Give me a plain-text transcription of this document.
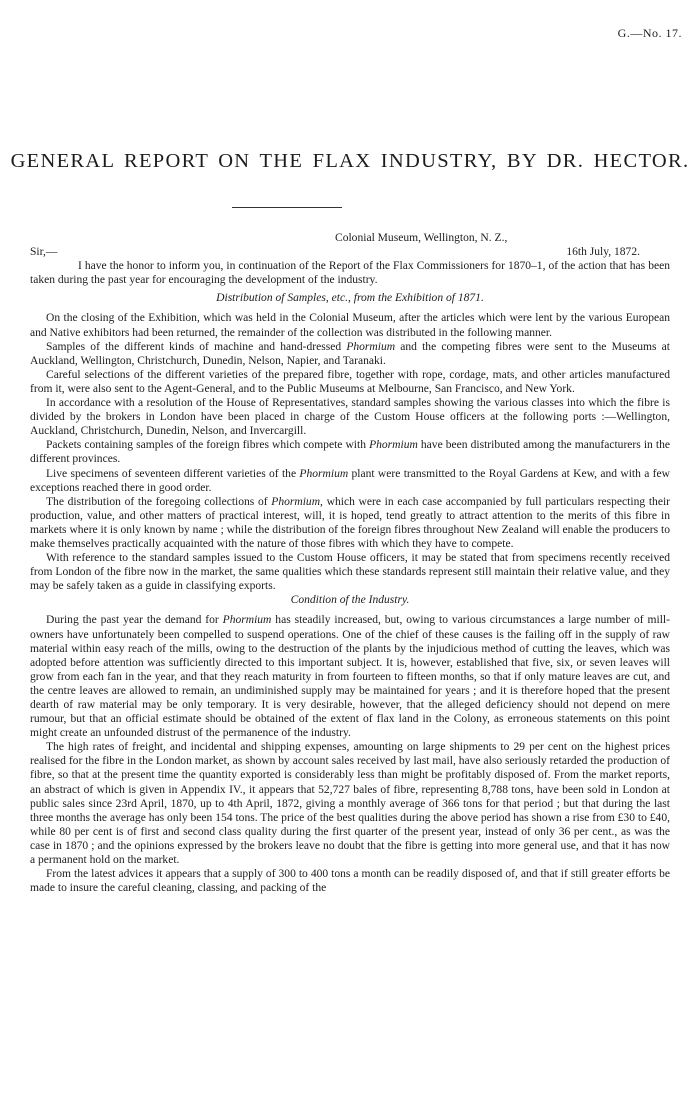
G.—No. 17.
GENERAL REPORT ON THE FLAX INDUSTRY, BY DR. HECTOR.
Colonial Museum, Wellington, N. Z.,
Sir,—	16th July, 1872.

I have the honor to inform you, in continuation of the Report of the Flax Commissioners for 1870–1, of the action that has been taken during the past year for encouraging the development of the industry.

Distribution of Samples, etc., from the Exhibition of 1871.

On the closing of the Exhibition, which was held in the Colonial Museum, after the articles which were lent by the various European and Native exhibitors had been returned, the remainder of the collection was distributed in the following manner.

Samples of the different kinds of machine and hand-dressed Phormium and the competing fibres were sent to the Museums at Auckland, Wellington, Christchurch, Dunedin, Nelson, Napier, and Taranaki.

Careful selections of the different varieties of the prepared fibre, together with rope, cordage, mats, and other articles manufactured from it, were also sent to the Agent-General, and to the Public Museums at Melbourne, San Francisco, and New York.

In accordance with a resolution of the House of Representatives, standard samples showing the various classes into which the fibre is divided by the brokers in London have been placed in charge of the Custom House officers at the following ports :—Wellington, Auckland, Christchurch, Dunedin, Nelson, and Invercargill.

Packets containing samples of the foreign fibres which compete with Phormium have been distributed among the manufacturers in the different provinces.

Live specimens of seventeen different varieties of the Phormium plant were transmitted to the Royal Gardens at Kew, and with a few exceptions reached there in good order.

The distribution of the foregoing collections of Phormium, which were in each case accompanied by full particulars respecting their production, value, and other matters of practical interest, will, it is hoped, tend greatly to attract attention to the merits of this fibre in markets where it is only known by name ; while the distribution of the foreign fibres throughout New Zealand will enable the producers to make themselves practically acquainted with the nature of those fibres with which they have to compete.

With reference to the standard samples issued to the Custom House officers, it may be stated that from specimens recently received from London of the fibre now in the market, the same qualities which these standards represent still maintain their relative value, and they may be safely taken as a guide in classifying exports.

Condition of the Industry.

During the past year the demand for Phormium has steadily increased, but, owing to various circumstances a large number of mill-owners have unfortunately been compelled to suspend operations. One of the chief of these causes is the failing off in the supply of raw material within easy reach of the mills, owing to the destruction of the plants by the injudicious method of cutting the leaves, which was adopted before attention was sufficiently directed to this important subject. It is, however, established that five, six, or seven leaves will grow from each fan in the year, and that they reach maturity in from fourteen to fifteen months, so that if only mature leaves are cut, and the centre leaves are allowed to remain, an undiminished supply may be maintained for years ; and it is therefore hoped that the present dearth of raw material may be only temporary. It is very desirable, however, that the alleged deficiency should not depend on mere rumour, but that an official estimate should be obtained of the extent of flax land in the Colony, as erroneous statements on this point might create an unfounded distrust of the permanence of the industry.

The high rates of freight, and incidental and shipping expenses, amounting on large shipments to 29 per cent on the highest prices realised for the fibre in the London market, as shown by account sales received by last mail, have also seriously retarded the production of fibre, so that at the present time the quantity exported is considerably less than might be profitably disposed of. From the market reports, an abstract of which is given in Appendix IV., it appears that 52,727 bales of fibre, representing 8,788 tons, have been sold in London at public sales since 23rd April, 1870, up to 4th April, 1872, giving a monthly average of 366 tons for that period ; but that during the last three months the average has only been 154 tons. The price of the best qualities during the above period has shown a rise from £30 to £40, while 80 per cent is of first and second class quality during the first quarter of the present year, instead of only 36 per cent., as was the case in 1870 ; and the opinions expressed by the brokers leave no doubt that the fibre is getting into more general use, and that it has now a permanent hold on the market.

From the latest advices it appears that a supply of 300 to 400 tons a month can be readily disposed of, and that if still greater efforts be made to insure the careful cleaning, classing, and packing of the
